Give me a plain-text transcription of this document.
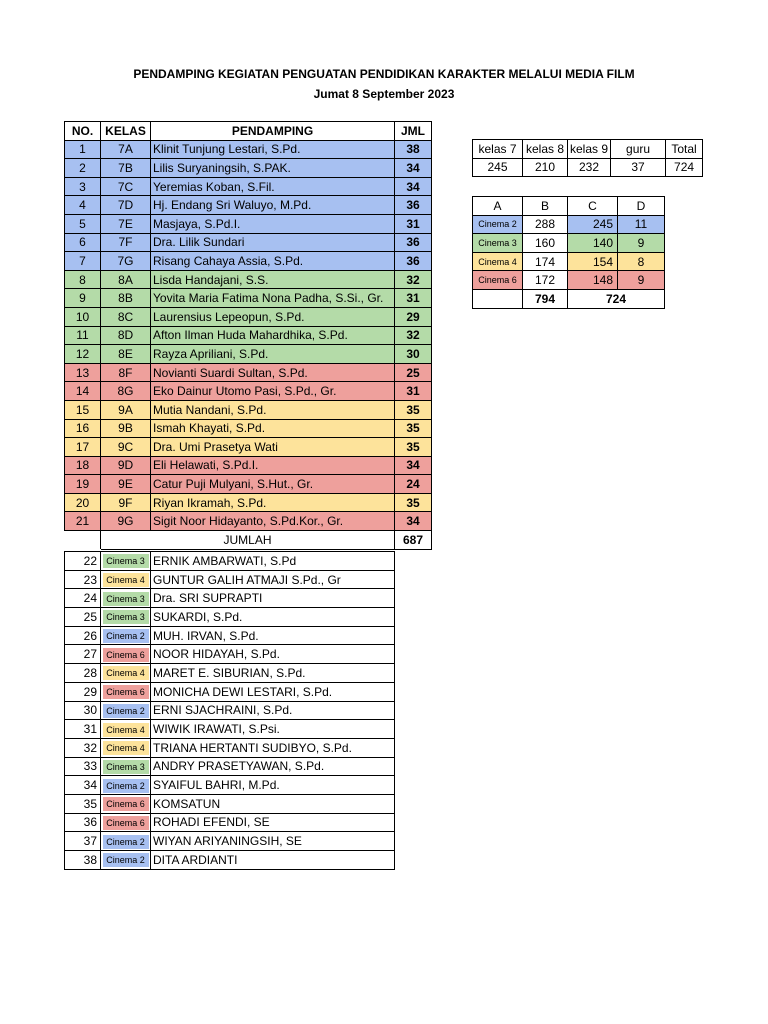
PENDAMPING KEGIATAN PENGUATAN PENDIDIKAN KARAKTER MELALUI MEDIA FILM
Jumat 8 September 2023
NO.	KELAS	PENDAMPING	JML
1	7A	Klinit Tunjung Lestari, S.Pd.	38
2	7B	Lilis Suryaningsih, S.PAK.	34
3	7C	Yeremias Koban, S.Fil.	34
4	7D	Hj. Endang Sri Waluyo, M.Pd.	36
5	7E	Masjaya, S.Pd.I.	31
6	7F	Dra. Lilik Sundari	36
7	7G	Risang Cahaya Assia, S.Pd.	36
8	8A	Lisda Handajani, S.S.	32
9	8B	Yovita Maria Fatima Nona Padha, S.Si., Gr.	31
10	8C	Laurensius Lepeopun, S.Pd.	29
11	8D	Afton Ilman Huda Mahardhika, S.Pd.	32
12	8E	Rayza Apriliani, S.Pd.	30
13	8F	Novianti Suardi Sultan, S.Pd.	25
14	8G	Eko Dainur Utomo Pasi, S.Pd., Gr.	31
15	9A	Mutia Nandani, S.Pd.	35
16	9B	Ismah Khayati, S.Pd.	35
17	9C	Dra. Umi Prasetya Wati	35
18	9D	Eli Helawati, S.Pd.I.	34
19	9E	Catur Puji Mulyani, S.Hut., Gr.	24
20	9F	Riyan Ikramah, S.Pd.	35
21	9G	Sigit Noor Hidayanto, S.Pd.Kor., Gr.	34
	JUMLAH		687
22	Cinema 3	ERNIK AMBARWATI, S.Pd
23	Cinema 4	GUNTUR GALIH ATMAJI S.Pd., Gr
24	Cinema 3	Dra. SRI SUPRAPTI
25	Cinema 3	SUKARDI, S.Pd.
26	Cinema 2	MUH. IRVAN, S.Pd.
27	Cinema 6	NOOR HIDAYAH, S.Pd.
28	Cinema 4	MARET E. SIBURIAN, S.Pd.
29	Cinema 6	MONICHA DEWI LESTARI, S.Pd.
30	Cinema 2	ERNI SJACHRAINI, S.Pd.
31	Cinema 4	WIWIK IRAWATI, S.Psi.
32	Cinema 4	TRIANA HERTANTI SUDIBYO, S.Pd.
33	Cinema 3	ANDRY PRASETYAWAN, S.Pd.
34	Cinema 2	SYAIFUL BAHRI, M.Pd.
35	Cinema 6	KOMSATUN
36	Cinema 6	ROHADI EFENDI, SE
37	Cinema 2	WIYAN ARIYANINGSIH, SE
38	Cinema 2	DITA ARDIANTI
kelas 7	kelas 8	kelas 9	guru	Total
245	210	232	37	724
A	B	C	D
Cinema 2	288	245	11
Cinema 3	160	140	9
Cinema 4	174	154	8
Cinema 6	172	148	9
	794	724	
